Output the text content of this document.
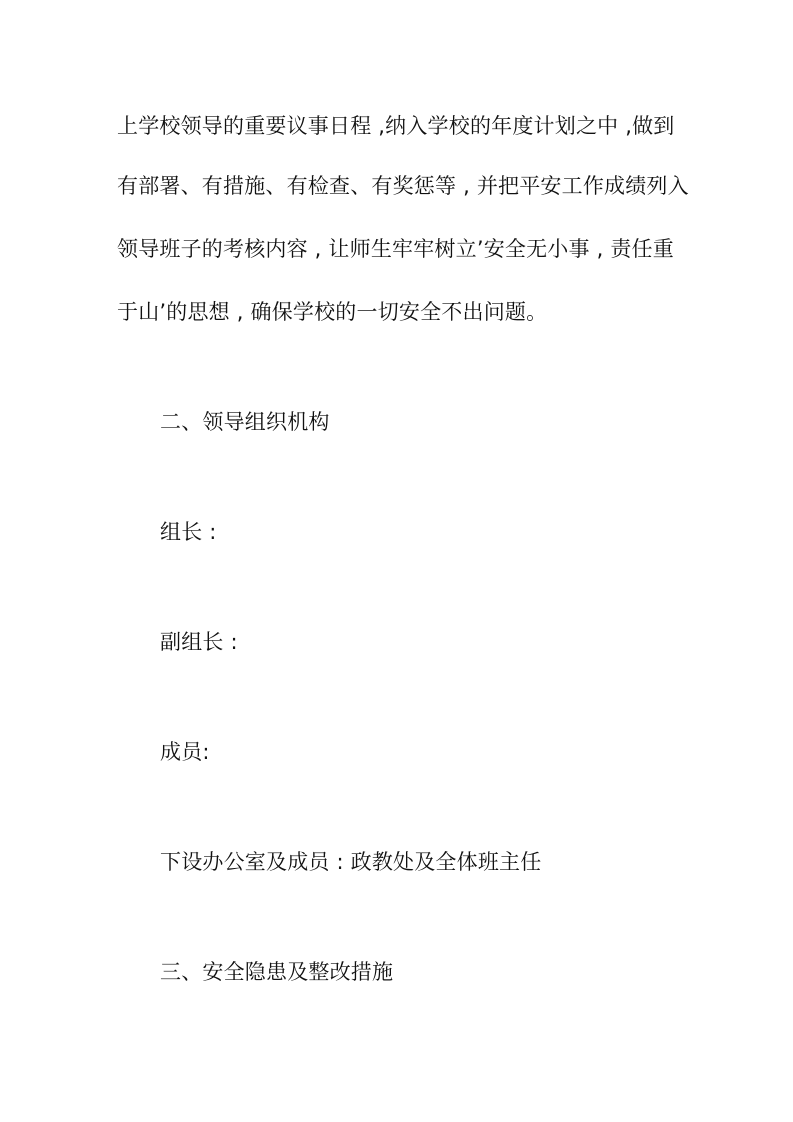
上学校领导的重要议事日程 ,纳入学校的年度计划之中 ,做到
有部署、有措施、有检查、有奖惩等 , 并把平安工作成绩列入
领导班子的考核内容 , 让师生牢牢树立’安全无小事 , 责任重
于山’的思想 , 确保学校的一切安全不出问题。
二、领导组织机构
组长 :
副组长 :
成员:
下设办公室及成员 : 政教处及全体班主任
三、安全隐患及整改措施
